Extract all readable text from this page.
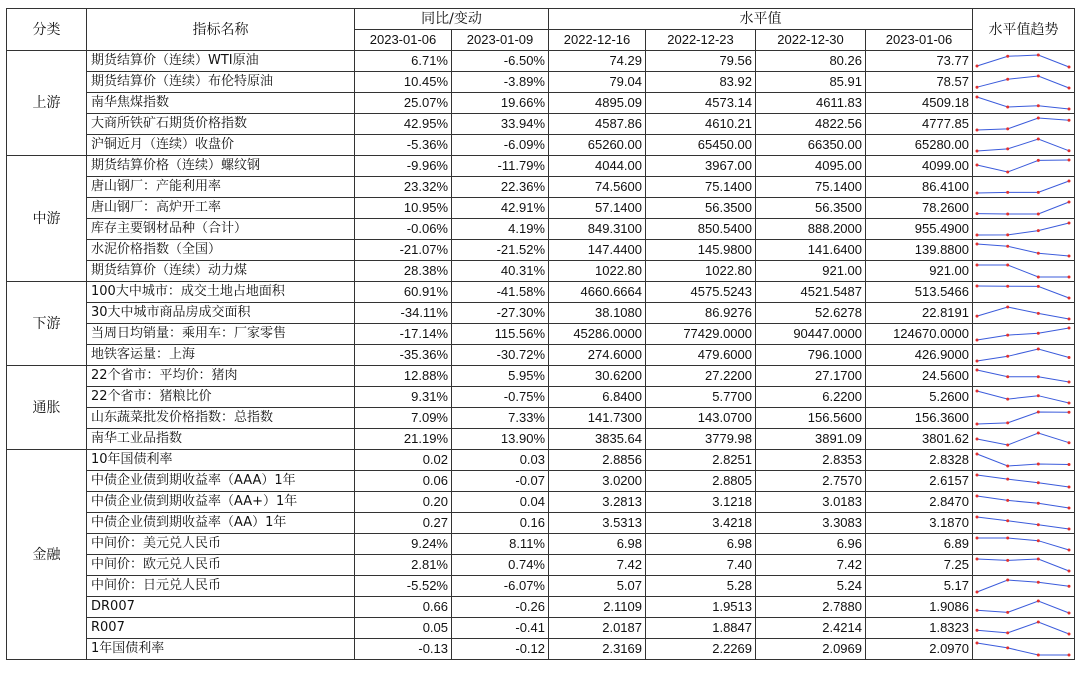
分类	指标名称	同比/变动		水平值				水平值趋势
		2023-01-06	2023-01-09	2022-12-16	2022-12-23	2022-12-30	2023-01-06	
上游	期货结算价（连续）WTI原油	6.71%	-6.50%	74.29	79.56	80.26	73.77	

	期货结算价（连续）布伦特原油	10.45%	-3.89%	79.04	83.92	85.91	78.57	

	南华焦煤指数	25.07%	19.66%	4895.09	4573.14	4611.83	4509.18	

	大商所铁矿石期货价格指数	42.95%	33.94%	4587.86	4610.21	4822.56	4777.85	

	沪铜近月（连续）收盘价	-5.36%	-6.09%	65260.00	65450.00	66350.00	65280.00	

中游	期货结算价格（连续）螺纹钢	-9.96%	-11.79%	4044.00	3967.00	4095.00	4099.00	

	唐山钢厂：产能利用率	23.32%	22.36%	74.5600	75.1400	75.1400	86.4100	

	唐山钢厂：高炉开工率	10.95%	42.91%	57.1400	56.3500	56.3500	78.2600	

	库存主要钢材品种（合计）	-0.06%	4.19%	849.3100	850.5400	888.2000	955.4900	

	水泥价格指数（全国）	-21.07%	-21.52%	147.4400	145.9800	141.6400	139.8800	

	期货结算价（连续）动力煤	28.38%	40.31%	1022.80	1022.80	921.00	921.00	

下游	100大中城市：成交土地占地面积	60.91%	-41.58%	4660.6664	4575.5243	4521.5487	513.5466	

	30大中城市商品房成交面积	-34.11%	-27.30%	38.1080	86.9276	52.6278	22.8191	

	当周日均销量：乘用车：厂家零售	-17.14%	115.56%	45286.0000	77429.0000	90447.0000	124670.0000	

	地铁客运量：上海	-35.36%	-30.72%	274.6000	479.6000	796.1000	426.9000	

通胀	22个省市：平均价：猪肉	12.88%	5.95%	30.6200	27.2200	27.1700	24.5600	

	22个省市：猪粮比价	9.31%	-0.75%	6.8400	5.7700	6.2200	5.2600	

	山东蔬菜批发价格指数：总指数	7.09%	7.33%	141.7300	143.0700	156.5600	156.3600	

	南华工业品指数	21.19%	13.90%	3835.64	3779.98	3891.09	3801.62	

金融	10年国债利率	0.02	0.03	2.8856	2.8251	2.8353	2.8328	

	中债企业债到期收益率（AAA）1年	0.06	-0.07	3.0200	2.8805	2.7570	2.6157	

	中债企业债到期收益率（AA+）1年	0.20	0.04	3.2813	3.1218	3.0183	2.8470	

	中债企业债到期收益率（AA）1年	0.27	0.16	3.5313	3.4218	3.3083	3.1870	

	中间价：美元兑人民币	9.24%	8.11%	6.98	6.98	6.96	6.89	

	中间价：欧元兑人民币	2.81%	0.74%	7.42	7.40	7.42	7.25	

	中间价：日元兑人民币	-5.52%	-6.07%	5.07	5.28	5.24	5.17	

	DR007	0.66	-0.26	2.1109	1.9513	2.7880	1.9086	

	R007	0.05	-0.41	2.0187	1.8847	2.4214	1.8323	

	1年国债利率	-0.13	-0.12	2.3169	2.2269	2.0969	2.0970	
